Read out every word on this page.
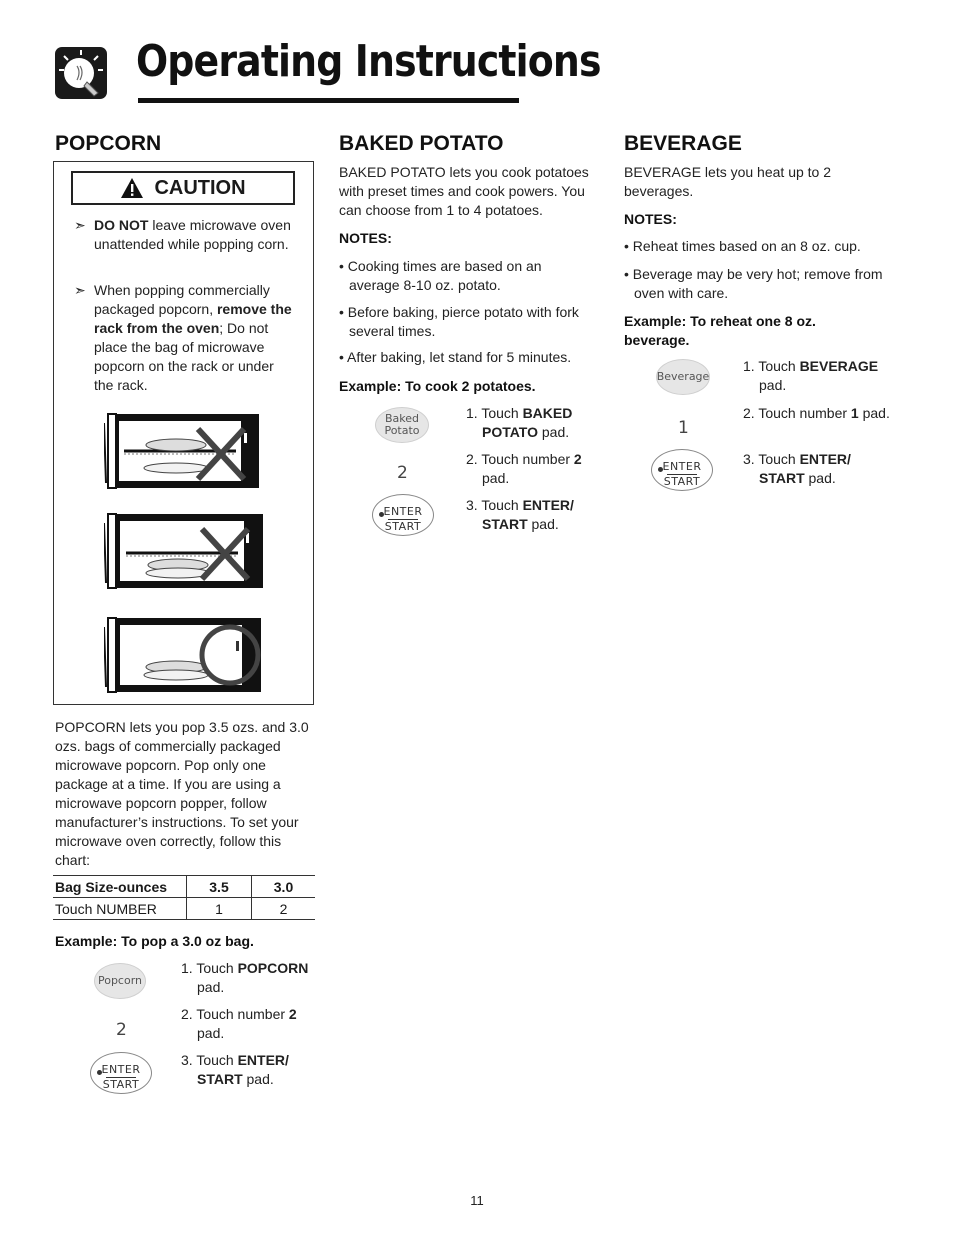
Operating Instructions
POPCORN
CAUTION
➣ DO NOT leave microwave oven unattended while popping corn.
➣ When popping commercially packaged popcorn, remove the rack from the oven; Do not place the bag of microwave popcorn on the rack or under the rack.

POPCORN lets you pop 3.5 ozs. and 3.0 ozs. bags of commercially packaged microwave popcorn. Pop only one package at a time. If you are using a microwave popcorn popper, follow manufacturer’s instructions. To set your microwave oven correctly, follow this chart:

Bag Size-ounces	3.5	3.0
Touch NUMBER	1	2

Example: To pop a 3.0 oz bag.

Popcorn
2
ENTER
START
1. Touch POPCORN pad.
2. Touch number 2 pad.
3. Touch ENTER/ START pad.
BAKED POTATO

BAKED POTATO lets you cook potatoes with preset times and cook powers. You can choose from 1 to 4 potatoes.

NOTES:

• Cooking times are based on an average 8-10 oz. potato.
• Before baking, pierce potato with fork several times.
• After baking, let stand for 5 minutes.

Example: To cook 2 potatoes.

Baked
Potato
2
ENTER
START
1. Touch BAKED POTATO pad.
2. Touch number 2 pad.
3. Touch ENTER/ START pad.
BEVERAGE

BEVERAGE lets you heat up to 2 beverages.

NOTES:

• Reheat times based on an 8 oz. cup.
• Beverage may be very hot; remove from oven with care.

Example: To reheat one 8 oz. beverage.

Beverage
1
ENTER
START
1. Touch BEVERAGE pad.
2. Touch number 1 pad.
3. Touch ENTER/ START pad.
11
